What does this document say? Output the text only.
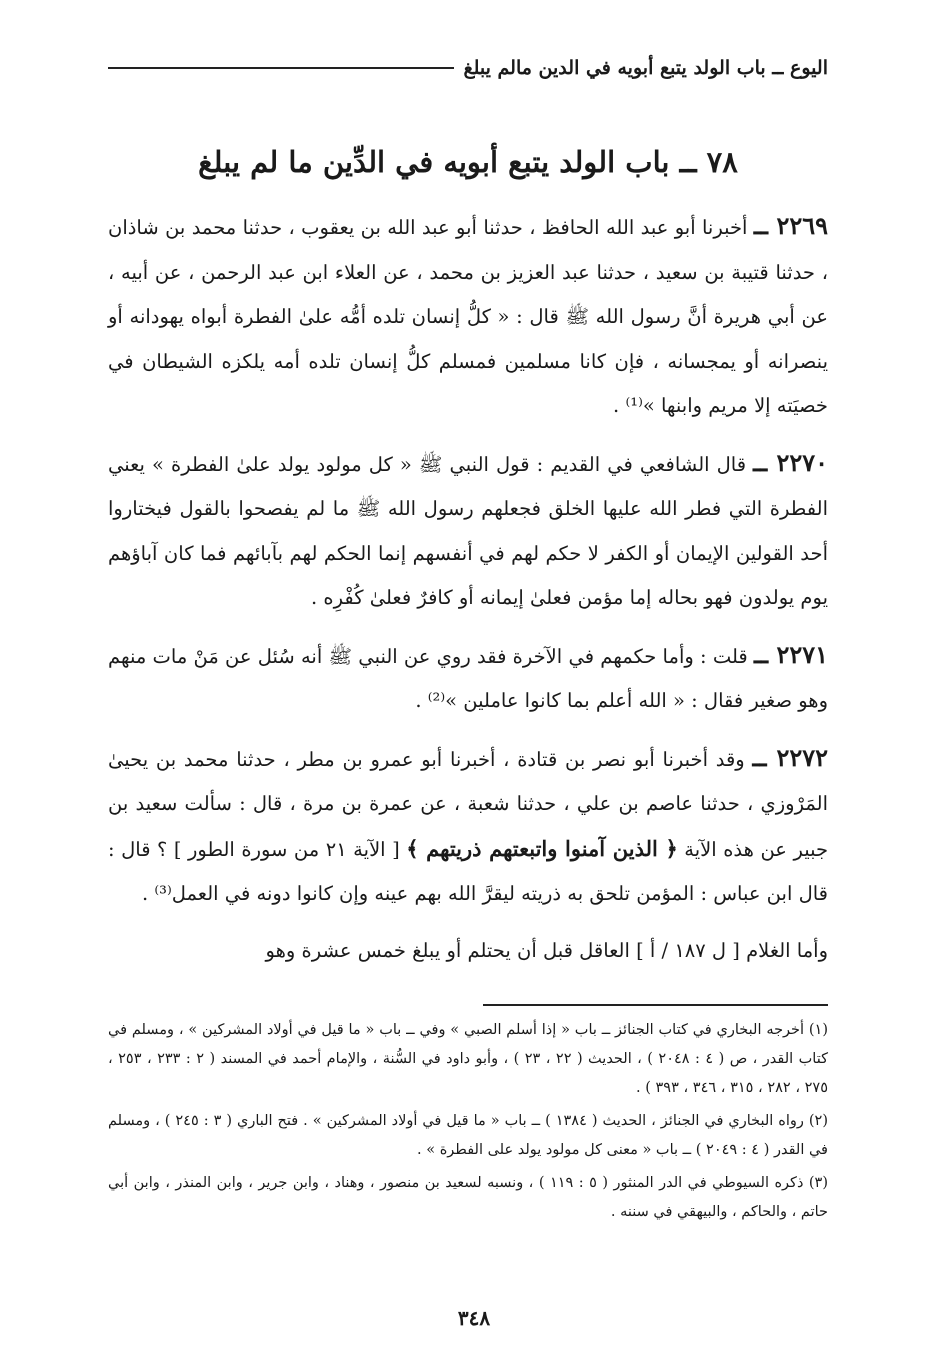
اليوع ــ باب الولد يتبع أبويه في الدين مالم يبلغ
٧٨ ــ باب الولد يتبع أبويه في الدِّين ما لم يبلغ

٢٢٦٩ ــ أخبرنا أبو عبد الله الحافظ ، حدثنا أبو عبد الله بن يعقوب ، حدثنا محمد بن شاذان ، حدثنا قتيبة بن سعيد ، حدثنا عبد العزيز بن محمد ، عن العلاء ابن عبد الرحمن ، عن أبيه ، عن أبي هريرة أنَّ رسول الله ﷺ قال : « كلُّ إنسان تلده أمُّه علىٰ الفطرة أبواه يهودانه أو ينصرانه أو يمجسانه ، فإن كانا مسلمين فمسلم كلُّ إنسان تلده أمه يلكزه الشيطان في خصيَته إلا مريم وابنها »⁽¹⁾ .

٢٢٧٠ ــ قال الشافعي في القديم : قول النبي ﷺ « كل مولود يولد علىٰ الفطرة » يعني الفطرة التي فطر الله عليها الخلق فجعلهم رسول الله ﷺ ما لم يفصحوا بالقول فيختاروا أحد القولين الإيمان أو الكفر لا حكم لهم في أنفسهم إنما الحكم لهم بآبائهم فما كان آباؤهم يوم يولدون فهو بحاله إما مؤمن فعلىٰ إيمانه أو كافرٌ فعلىٰ كُفْرِه .

٢٢٧١ ــ قلت : وأما حكمهم في الآخرة فقد روي عن النبي ﷺ أنه سُئل عن مَنْ مات منهم وهو صغير فقال : « الله أعلم بما كانوا عاملين »⁽²⁾ .

٢٢٧٢ ــ وقد أخبرنا أبو نصر بن قتادة ، أخبرنا أبو عمرو بن مطر ، حدثنا محمد بن يحيىٰ المَرْوزي ، حدثنا عاصم بن علي ، حدثنا شعبة ، عن عمرة بن مرة ، قال : سألت سعيد بن جبير عن هذه الآية ﴿ الذين آمنوا واتبعتهم ذريتهم ﴾ [ الآية ٢١ من سورة الطور ] ؟ قال : قال ابن عباس : المؤمن تلحق به ذريته ليقرَّ الله بهم عينه وإن كانوا دونه في العمل⁽³⁾ .

وأما الغلام [ ل ١٨٧ / أ ] العاقل قبل أن يحتلم أو يبلغ خمس عشرة وهو

(١) أخرجه البخاري في كتاب الجنائز ــ باب « إذا أسلم الصبي » وفي ــ باب « ما قيل في أولاد المشركين » ، ومسلم في كتاب القدر ، ص ( ٤ : ٢٠٤٨ ) ، الحديث ( ٢٢ ، ٢٣ ) ، وأبو داود في السُّنة ، والإمام أحمد في المسند ( ٢ : ٢٣٣ ، ٢٥٣ ، ٢٧٥ ، ٢٨٢ ، ٣١٥ ، ٣٤٦ ، ٣٩٣ ) .

(٢) رواه البخاري في الجنائز ، الحديث ( ١٣٨٤ ) ــ باب « ما قيل في أولاد المشركين » . فتح الباري ( ٣ : ٢٤٥ ) ، ومسلم في القدر ( ٤ : ٢٠٤٩ ) ــ باب « معنى كل مولود يولد على الفطرة » .

(٣) ذكره السيوطي في الدر المنثور ( ٥ : ١١٩ ) ، ونسبه لسعيد بن منصور ، وهناد ، وابن جرير ، وابن المنذر ، وابن أبي حاتم ، والحاكم ، والبيهقي في سننه .

٣٤٨
